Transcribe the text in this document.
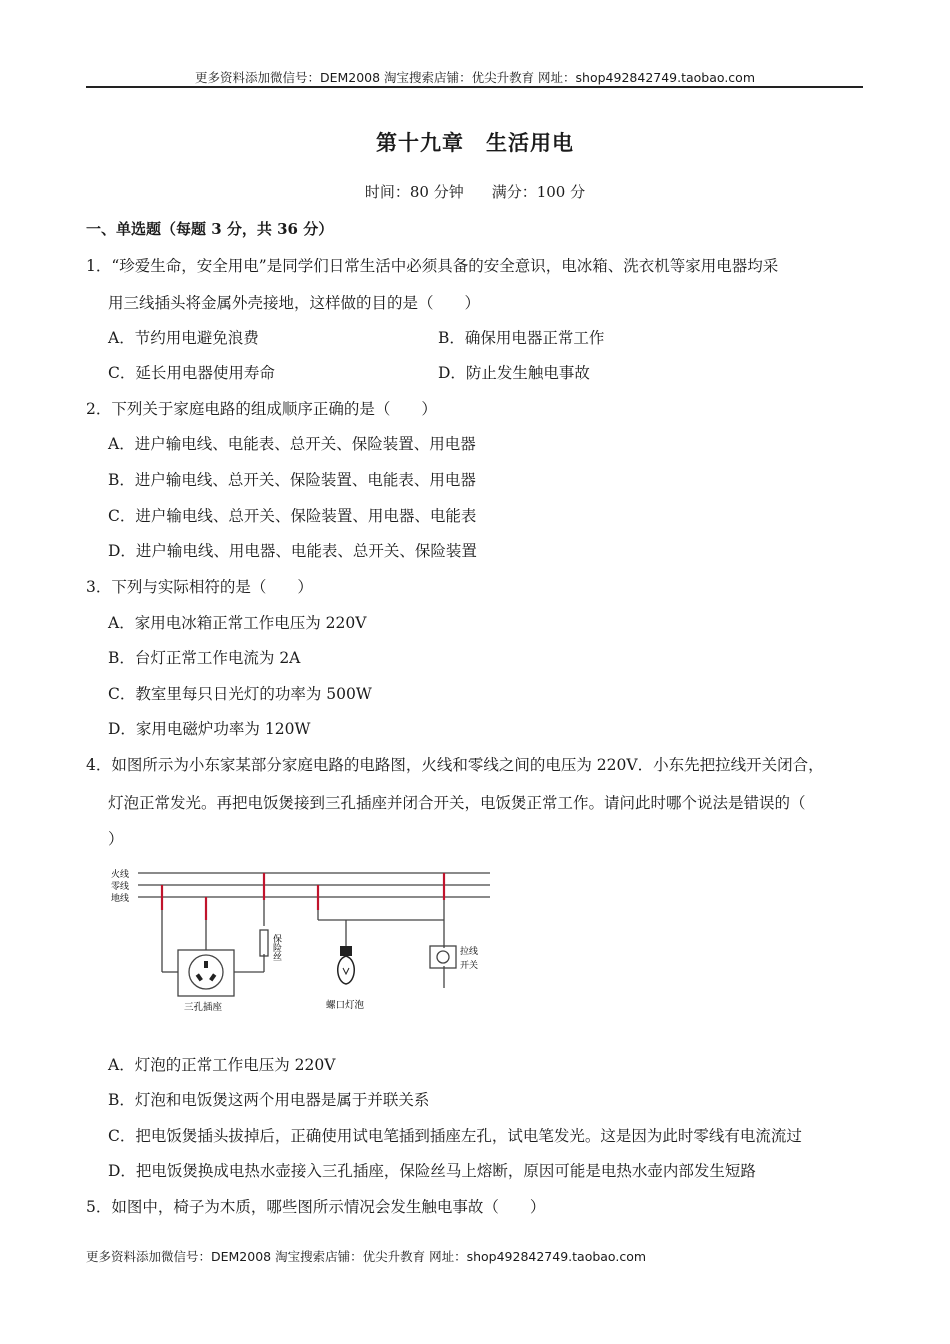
更多资料添加微信号：DEM2008 淘宝搜索店铺：优尖升教育 网址：shop492842749.taobao.com
第十九章　生活用电
时间：80 分钟 满分：100 分
一、单选题（每题 3 分，共 36 分）
1．“珍爱生命，安全用电”是同学们日常生活中必须具备的安全意识，电冰箱、洗衣机等家用电器均采
用三线插头将金属外壳接地，这样做的目的是（　　）
A．节约用电避免浪费	B．确保用电器正常工作
C．延长用电器使用寿命	D．防止发生触电事故
2．下列关于家庭电路的组成顺序正确的是（　　）
A．进户输电线、电能表、总开关、保险装置、用电器
B．进户输电线、总开关、保险装置、电能表、用电器
C．进户输电线、总开关、保险装置、用电器、电能表
D．进户输电线、用电器、电能表、总开关、保险装置
3．下列与实际相符的是（　　）
A．家用电冰箱正常工作电压为 220V
B．台灯正常工作电流为 2A
C．教室里每只日光灯的功率为 500W
D．家用电磁炉功率为 120W
4．如图所示为小东家某部分家庭电路的电路图，火线和零线之间的电压为 220V．小东先把拉线开关闭合，
灯泡正常发光。再把电饭煲接到三孔插座并闭合开关，电饭煲正常工作。请问此时哪个说法是错误的（
）
火线
零线
地线
保险丝
三孔插座	螺口灯泡
拉线开关
A．灯泡的正常工作电压为 220V
B．灯泡和电饭煲这两个用电器是属于并联关系
C．把电饭煲插头拔掉后，正确使用试电笔插到插座左孔，试电笔发光。这是因为此时零线有电流流过
D．把电饭煲换成电热水壶接入三孔插座，保险丝马上熔断，原因可能是电热水壶内部发生短路
5．如图中，椅子为木质，哪些图所示情况会发生触电事故（　　）
更多资料添加微信号：DEM2008 淘宝搜索店铺：优尖升教育 网址：shop492842749.taobao.com
